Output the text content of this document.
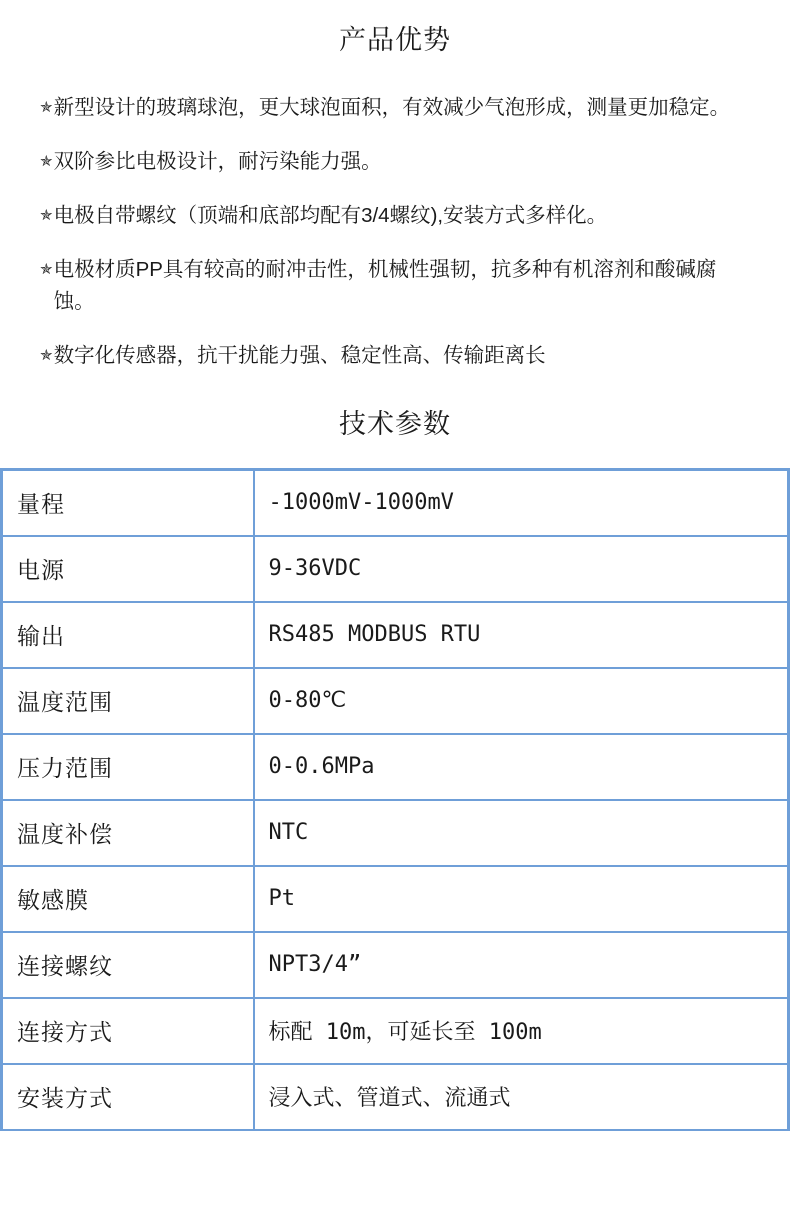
产品优势
✯ 新型设计的玻璃球泡，更大球泡面积，有效减少气泡形成，测量更加稳定。
✯ 双阶参比电极设计，耐污染能力强。
✯ 电极自带螺纹（顶端和底部均配有3/4螺纹),安装方式多样化。
✯ 电极材质PP具有较高的耐冲击性，机械性强韧，抗多种有机溶剂和酸碱腐蚀。
✯ 数字化传感器，抗干扰能力强、稳定性高、传输距离长
技术参数
量程	-1000mV-1000mV
电源	9-36VDC
输出	RS485 MODBUS RTU
温度范围	0-80℃
压力范围	0-0.6MPa
温度补偿	NTC
敏感膜	Pt
连接螺纹	NPT3/4”
连接方式	标配 10m，可延长至 100m
安装方式	浸入式、管道式、流通式
